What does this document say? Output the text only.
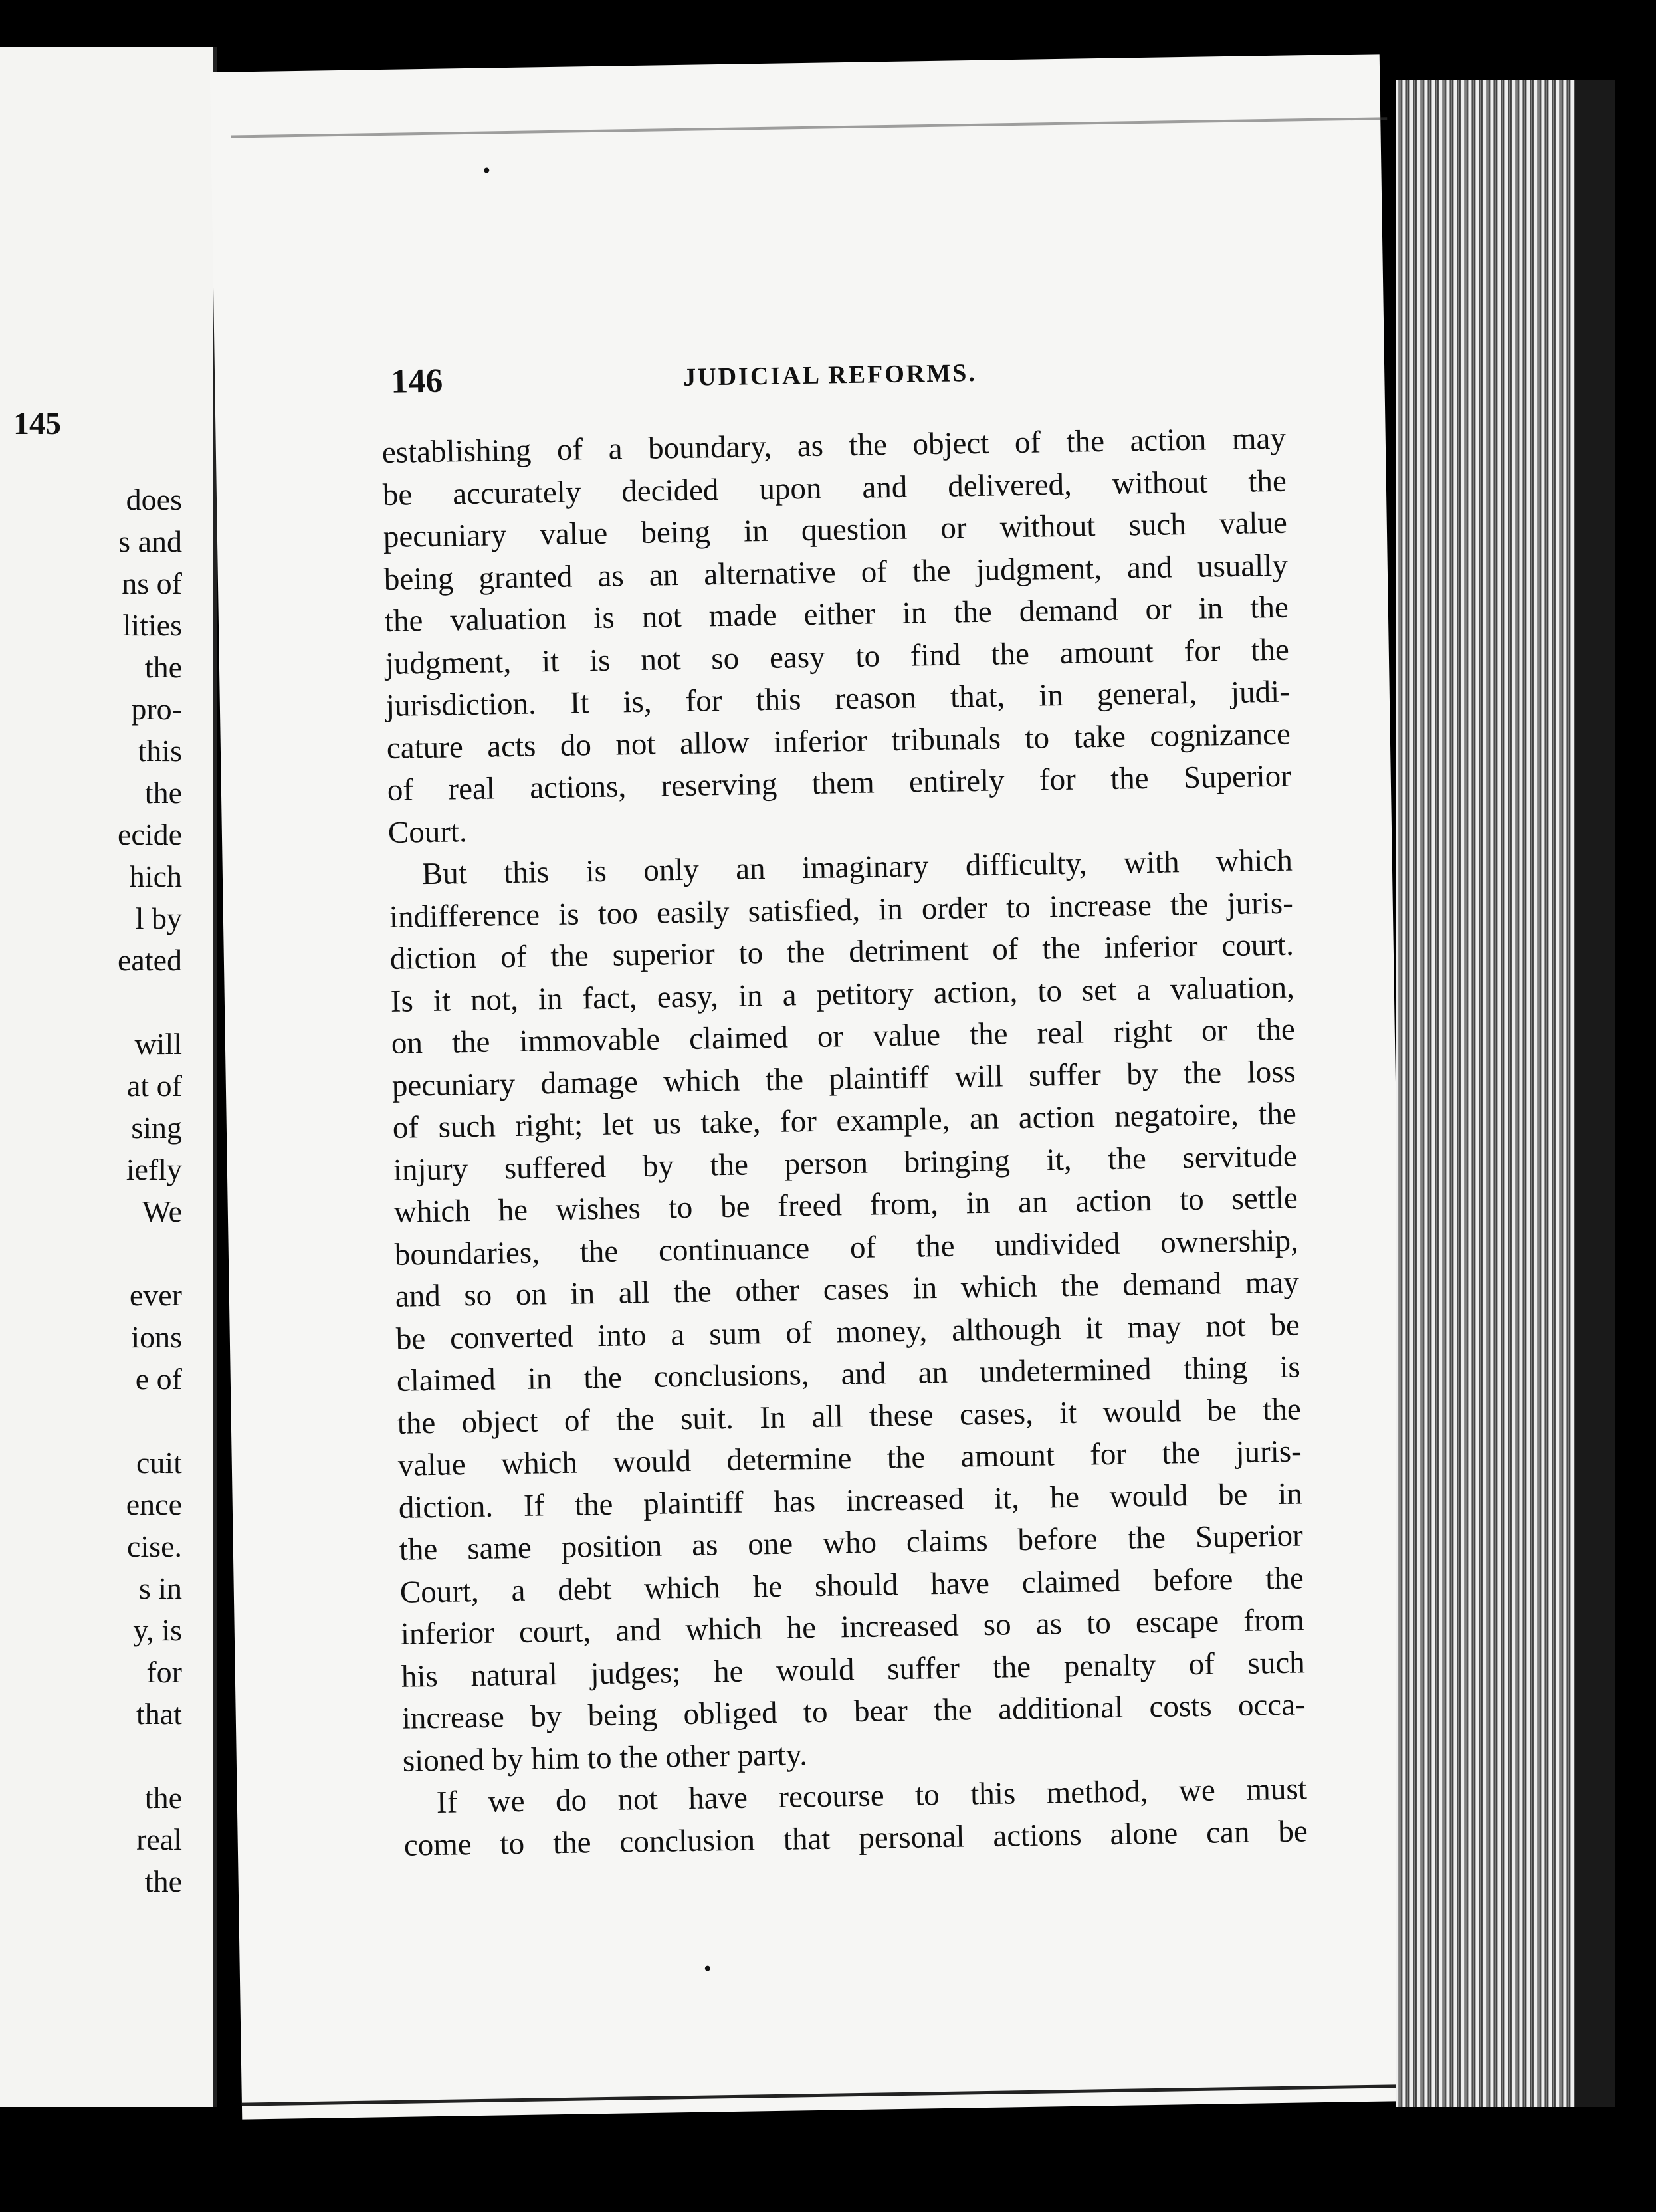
145
does
s and
ns of
lities
the
pro-
this
the
ecide
hich
l by
eated
will
at of
sing
iefly
We
ever
ions
e of
cuit
ence
cise.
s in
y, is
for
that
the
real
the
146	JUDICIAL REFORMS.
establishing of a boundary, as the object of the action may
be accurately decided upon and delivered, without the
pecuniary value being in question or without such value
being granted as an alternative of the judgment, and usually
the valuation is not made either in the demand or in the
judgment, it is not so easy to find the amount for the
jurisdiction. It is, for this reason that, in general, judi-
cature acts do not allow inferior tribunals to take cognizance
of real actions, reserving them entirely for the Superior
Court.
But this is only an imaginary difficulty, with which
indifference is too easily satisfied, in order to increase the juris-
diction of the superior to the detriment of the inferior court.
Is it not, in fact, easy, in a petitory action, to set a valuation,
on the immovable claimed or value the real right or the
pecuniary damage which the plaintiff will suffer by the loss
of such right; let us take, for example, an action negatoire, the
injury suffered by the person bringing it, the servitude
which he wishes to be freed from, in an action to settle
boundaries, the continuance of the undivided ownership,
and so on in all the other cases in which the demand may
be converted into a sum of money, although it may not be
claimed in the conclusions, and an undetermined thing is
the object of the suit. In all these cases, it would be the
value which would determine the amount for the juris-
diction. If the plaintiff has increased it, he would be in
the same position as one who claims before the Superior
Court, a debt which he should have claimed before the
inferior court, and which he increased so as to escape from
his natural judges; he would suffer the penalty of such
increase by being obliged to bear the additional costs occa-
sioned by him to the other party.
If we do not have recourse to this method, we must
come to the conclusion that personal actions alone can be
